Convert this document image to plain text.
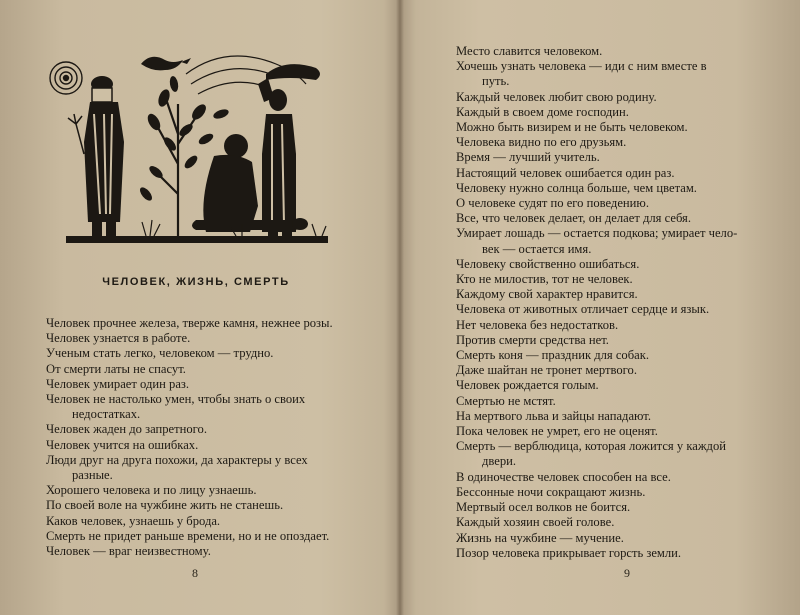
ЧЕЛОВЕК, ЖИЗНЬ, СМЕРТЬ
Человек прочнее железа, тверже камня, нежнее розы.
Человек узнается в работе.
Ученым стать легко, человеком — трудно.
От смерти латы не спасут.
Человек умирает один раз.
Человек не настолько умен, чтобы знать о своих
недостатках.
Человек жаден до запретного.
Человек учится на ошибках.
Люди друг на друга похожи, да характеры у всех
разные.
Хорошего человека и по лицу узнаешь.
По своей воле на чужбине жить не станешь.
Каков человек, узнаешь у брода.
Смерть не придет раньше времени, но и не опоздает.
Человек — враг неизвестному.
Место славится человеком.
Хочешь узнать человека — иди с ним вместе в
путь.
Каждый человек любит свою родину.
Каждый в своем доме господин.
Можно быть визирем и не быть человеком.
Человека видно по его друзьям.
Время — лучший учитель.
Настоящий человек ошибается один раз.
Человеку нужно солнца больше, чем цветам.
О человеке судят по его поведению.
Все, что человек делает, он делает для себя.
Умирает лошадь — остается подкова; умирает чело-
век — остается имя.
Человеку свойственно ошибаться.
Кто не милостив, тот не человек.
Каждому свой характер нравится.
Человека от животных отличает сердце и язык.
Нет человека без недостатков.
Против смерти средства нет.
Смерть коня — праздник для собак.
Даже шайтан не тронет мертвого.
Человек рождается голым.
Смертью не мстят.
На мертвого льва и зайцы нападают.
Пока человек не умрет, его не оценят.
Смерть — верблюдица, которая ложится у каждой
двери.
В одиночестве человек способен на все.
Бессонные ночи сокращают жизнь.
Мертвый осел волков не боится.
Каждый хозяин своей голове.
Жизнь на чужбине — мучение.
Позор человека прикрывает горсть земли.
8	9
